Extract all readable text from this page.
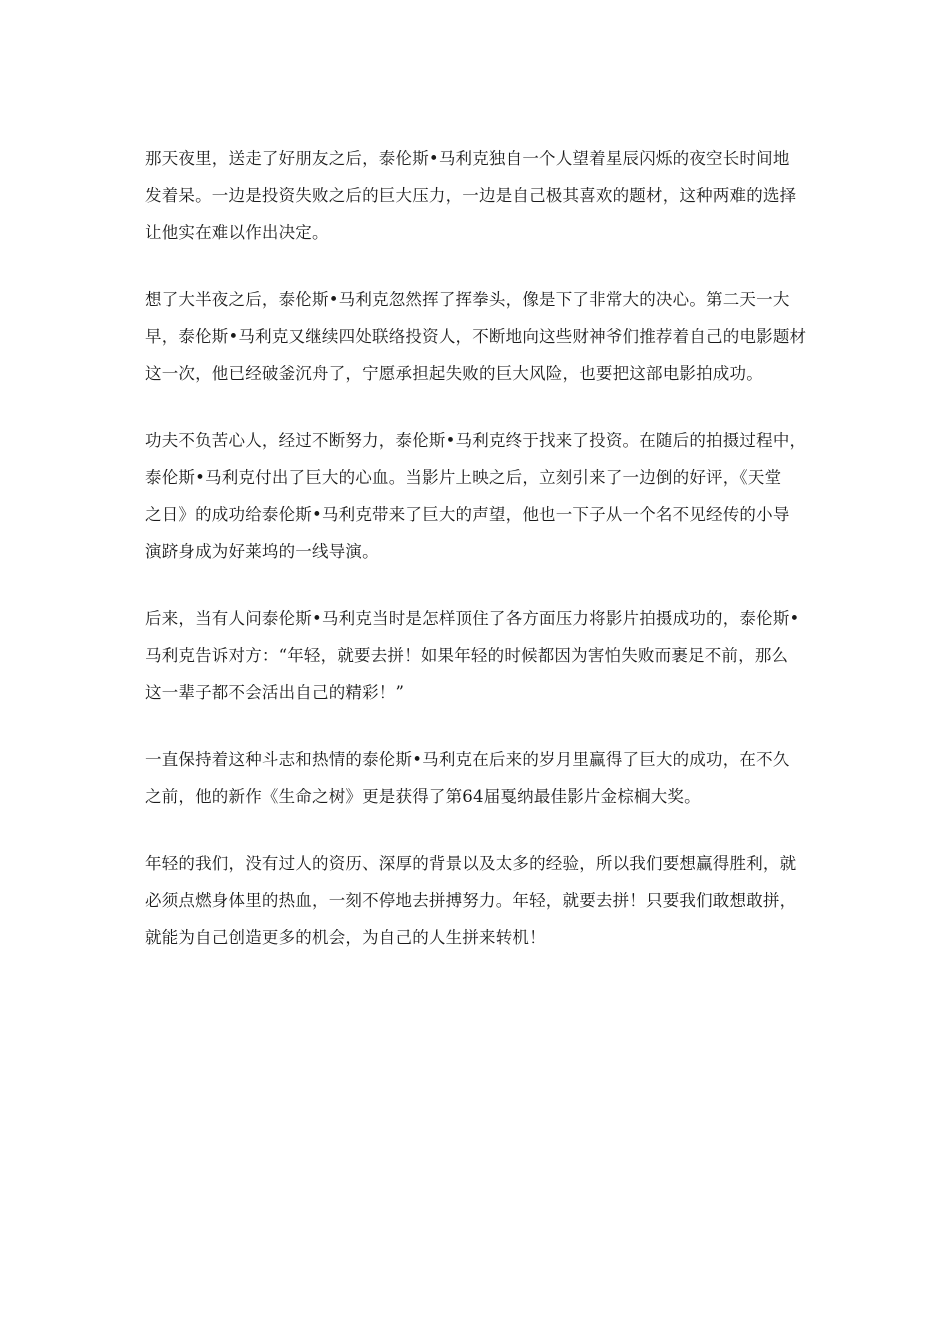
那天夜里，送走了好朋友之后，泰伦斯•马利克独自一个人望着星辰闪烁的夜空长时间地
发着呆。一边是投资失败之后的巨大压力，一边是自己极其喜欢的题材，这种两难的选择
让他实在难以作出决定。

想了大半夜之后，泰伦斯•马利克忽然挥了挥拳头，像是下了非常大的决心。第二天一大
早，泰伦斯•马利克又继续四处联络投资人，不断地向这些财神爷们推荐着自己的电影题材
这一次，他已经破釜沉舟了，宁愿承担起失败的巨大风险，也要把这部电影拍成功。

功夫不负苦心人，经过不断努力，泰伦斯•马利克终于找来了投资。在随后的拍摄过程中，
泰伦斯•马利克付出了巨大的心血。当影片上映之后，立刻引来了一边倒的好评，《天堂
之日》的成功给泰伦斯•马利克带来了巨大的声望，他也一下子从一个名不见经传的小导
演跻身成为好莱坞的一线导演。

后来，当有人问泰伦斯•马利克当时是怎样顶住了各方面压力将影片拍摄成功的，泰伦斯•
马利克告诉对方：“年轻，就要去拼！如果年轻的时候都因为害怕失败而裹足不前，那么
这一辈子都不会活出自己的精彩！”

一直保持着这种斗志和热情的泰伦斯•马利克在后来的岁月里赢得了巨大的成功，在不久
之前，他的新作《生命之树》更是获得了第64届戛纳最佳影片金棕榈大奖。

年轻的我们，没有过人的资历、深厚的背景以及太多的经验，所以我们要想赢得胜利，就
必须点燃身体里的热血，一刻不停地去拼搏努力。年轻，就要去拼！只要我们敢想敢拼，
就能为自己创造更多的机会，为自己的人生拼来转机！
